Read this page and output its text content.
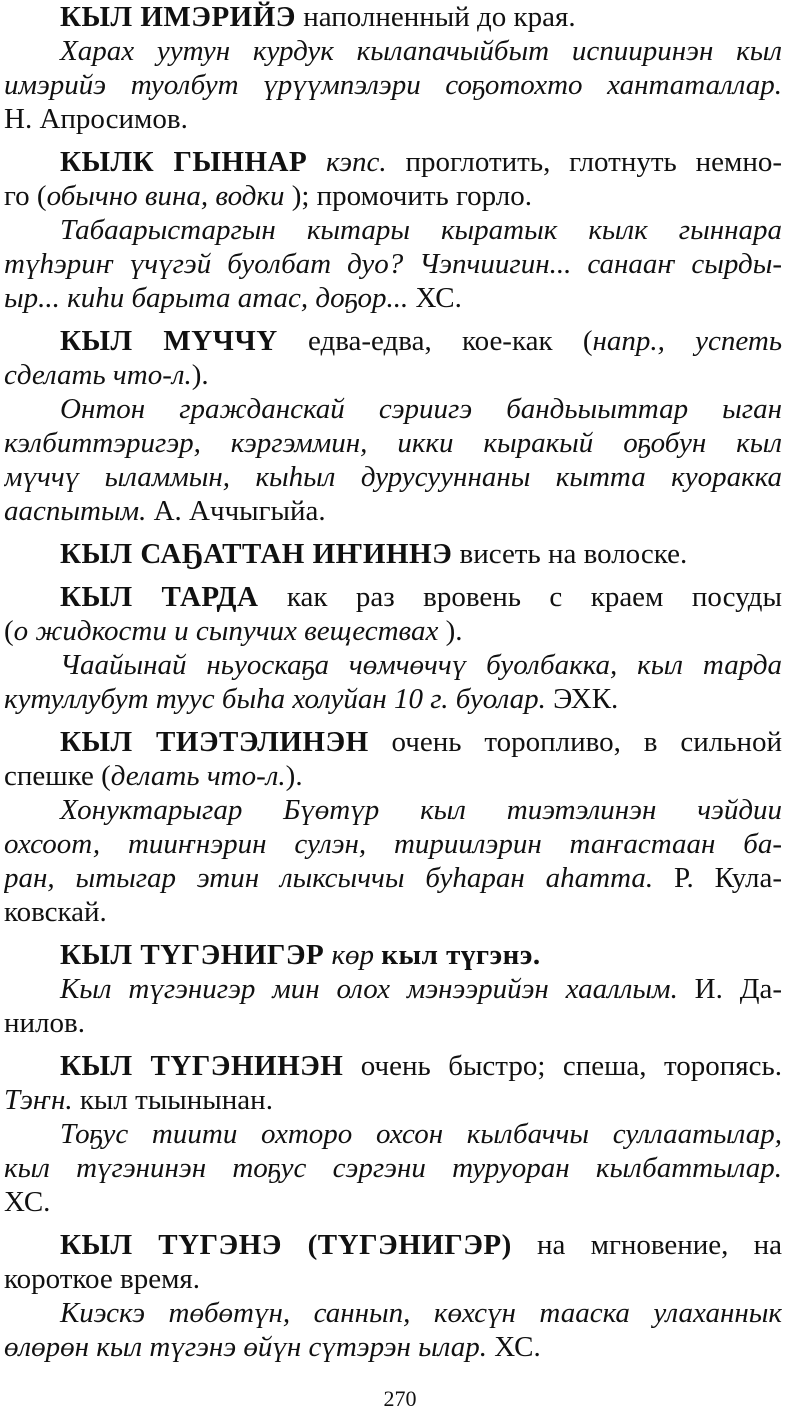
КЫЛ ИМЭРИЙЭ наполненный до края.
Харах уутун курдук кылапачыйбыт испииринэн кыл
имэрийэ туолбут үрүүмпэлэри соҕотохто хантаталлар.
Н. Апросимов.
КЫЛК ГЫННАР кэпс. проглотить, глотнуть немно-
го (обычно вина, водки ); промочить горло.
Табаарыстаргын кытары кыратык кылк гыннара
түһэриҥ үчүгэй буолбат дуо? Чэпчиигин... санааҥ сырды-
ыр... киһи барыта атас, доҕор... ХС.
КЫЛ МҮЧЧҮ едва-едва, кое-как (напр., успеть
сделать что-л.).
Онтон гражданскай сэриигэ бандьыыттар ыган
кэлбиттэригэр, кэргэммин, икки кыракый оҕобун кыл
мүччү ыламмын, кыһыл дурусууннаны кытта куоракка
ааспытым. А. Аччыгыйа.
КЫЛ САҔАТТАН ИҤИННЭ висеть на волоске.
КЫЛ ТАРДА как раз вровень с краем посуды
(о жидкости и сыпучих веществах ).
Чаайынай ньуоскаҕа чөмчөччү буолбакка, кыл тарда
кутуллубут туус быһа холуйан 10 г. буолар. ЭХК.
КЫЛ ТИЭТЭЛИНЭН очень торопливо, в сильной
спешке (делать что-л.).
Хонуктарыгар Бүөтүр кыл тиэтэлинэн чэйдии
охсоот, тииҥнэрин сулэн, тириилэрин таҥастаан ба-
ран, ытыгар этин лыксыччы буһаран аһатта. Р. Кула-
ковскай.
КЫЛ ТҮГЭНИГЭР көр кыл түгэнэ.
Кыл түгэнигэр мин олох мэнээрийэн хааллым. И. Да-
нилов.
КЫЛ ТҮГЭНИНЭН очень быстро; спеша, торопясь.
Тэҥн. кыл тыынынан.
Тоҕус тиити охторо охсон кылбаччы суллаатылар,
кыл түгэнинэн тоҕус сэргэни туруоран кылбаттылар.
ХС.
КЫЛ ТҮГЭНЭ (ТҮГЭНИГЭР) на мгновение, на
короткое время.
Киэскэ төбөтүн, санныn, көхсүн тааска улаханнык
өлөрөн кыл түгэнэ өйүн сүтэрэн ылар. ХС.
270
